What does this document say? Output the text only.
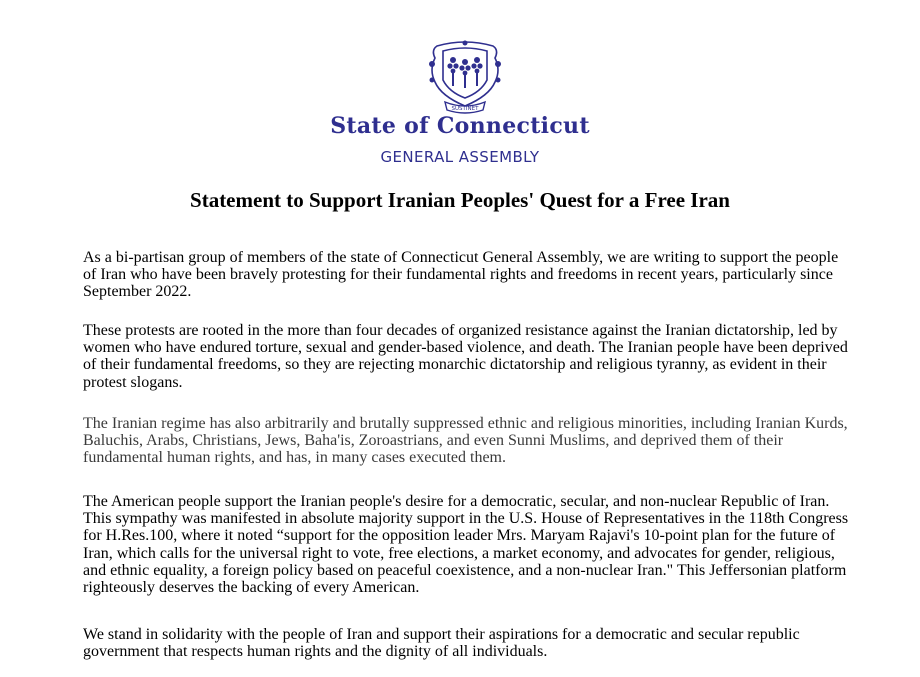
SUSTINET
State of Connecticut
GENERAL ASSEMBLY
Statement to Support Iranian Peoples' Quest for a Free Iran

As a bi-partisan group of members of the state of Connecticut General Assembly, we are writing to support the people of Iran who have been bravely protesting for their fundamental rights and freedoms in recent years, particularly since September 2022.

These protests are rooted in the more than four decades of organized resistance against the Iranian dictatorship, led by women who have endured torture, sexual and gender-based violence, and death. The Iranian people have been deprived of their fundamental freedoms, so they are rejecting monarchic dictatorship and religious tyranny, as evident in their protest slogans.

The Iranian regime has also arbitrarily and brutally suppressed ethnic and religious minorities, including Iranian Kurds, Baluchis, Arabs, Christians, Jews, Baha'is, Zoroastrians, and even Sunni Muslims, and deprived them of their fundamental human rights, and has, in many cases executed them.

The American people support the Iranian people's desire for a democratic, secular, and non-nuclear Republic of Iran. This sympathy was manifested in absolute majority support in the U.S. House of Representatives in the 118th Congress for H.Res.100, where it noted “support for the opposition leader Mrs. Maryam Rajavi's 10-point plan for the future of Iran, which calls for the universal right to vote, free elections, a market economy, and advocates for gender, religious, and ethnic equality, a foreign policy based on peaceful coexistence, and a non-nuclear Iran." This Jeffersonian platform righteously deserves the backing of every American.

We stand in solidarity with the people of Iran and support their aspirations for a democratic and secular republic government that respects human rights and the dignity of all individuals.
